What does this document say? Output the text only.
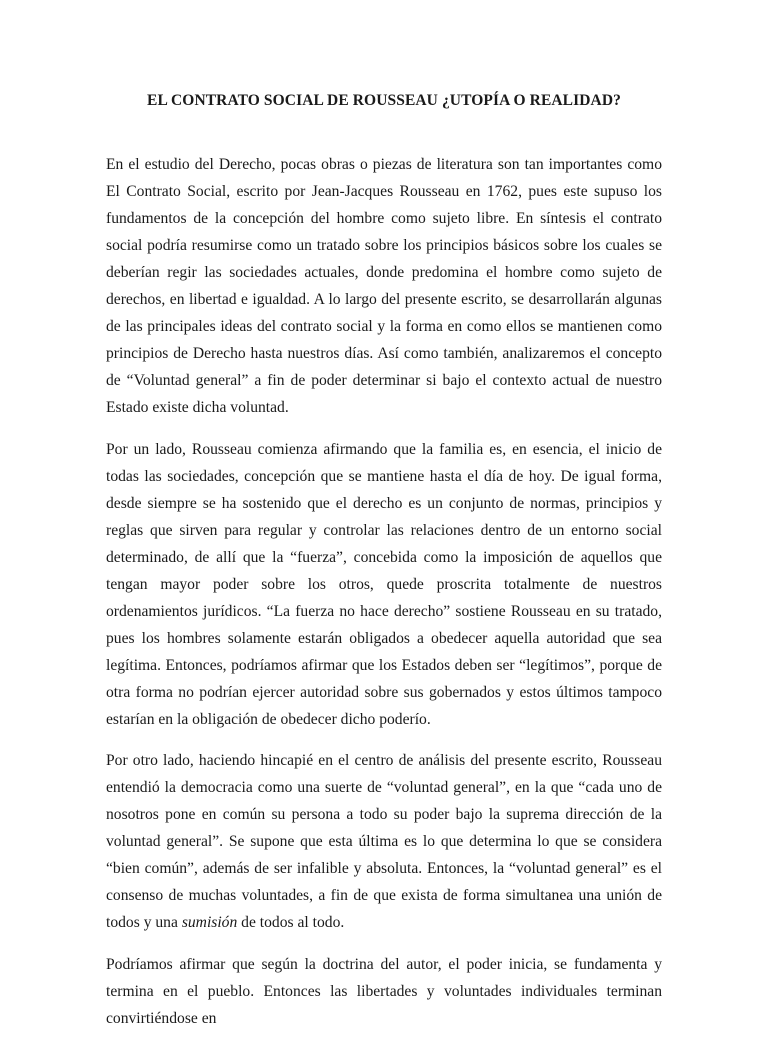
EL CONTRATO SOCIAL DE ROUSSEAU ¿UTOPÍA O REALIDAD?

En el estudio del Derecho, pocas obras o piezas de literatura son tan importantes como El Contrato Social, escrito por Jean-Jacques Rousseau en 1762, pues este supuso los fundamentos de la concepción del hombre como sujeto libre. En síntesis el contrato social podría resumirse como un tratado sobre los principios básicos sobre los cuales se deberían regir las sociedades actuales, donde predomina el hombre como sujeto de derechos, en libertad e igualdad. A lo largo del presente escrito, se desarrollarán algunas de las principales ideas del contrato social y la forma en como ellos se mantienen como principios de Derecho hasta nuestros días. Así como también, analizaremos el concepto de “Voluntad general” a fin de poder determinar si bajo el contexto actual de nuestro Estado existe dicha voluntad.

Por un lado, Rousseau comienza afirmando que la familia es, en esencia, el inicio de todas las sociedades, concepción que se mantiene hasta el día de hoy. De igual forma, desde siempre se ha sostenido que el derecho es un conjunto de normas, principios y reglas que sirven para regular y controlar las relaciones dentro de un entorno social determinado, de allí que la “fuerza”, concebida como la imposición de aquellos que tengan mayor poder sobre los otros, quede proscrita totalmente de nuestros ordenamientos jurídicos. “La fuerza no hace derecho” sostiene Rousseau en su tratado, pues los hombres solamente estarán obligados a obedecer aquella autoridad que sea legítima. Entonces, podríamos afirmar que los Estados deben ser “legítimos”, porque de otra forma no podrían ejercer autoridad sobre sus gobernados y estos últimos tampoco estarían en la obligación de obedecer dicho poderío.

Por otro lado, haciendo hincapié en el centro de análisis del presente escrito, Rousseau entendió la democracia como una suerte de “voluntad general”, en la que “cada uno de nosotros pone en común su persona a todo su poder bajo la suprema dirección de la voluntad general”. Se supone que esta última es lo que determina lo que se considera “bien común”, además de ser infalible y absoluta. Entonces, la “voluntad general” es el consenso de muchas voluntades, a fin de que exista de forma simultanea una unión de todos y una sumisión de todos al todo.

Podríamos afirmar que según la doctrina del autor, el poder inicia, se fundamenta y termina en el pueblo. Entonces las libertades y voluntades individuales terminan convirtiéndose en
